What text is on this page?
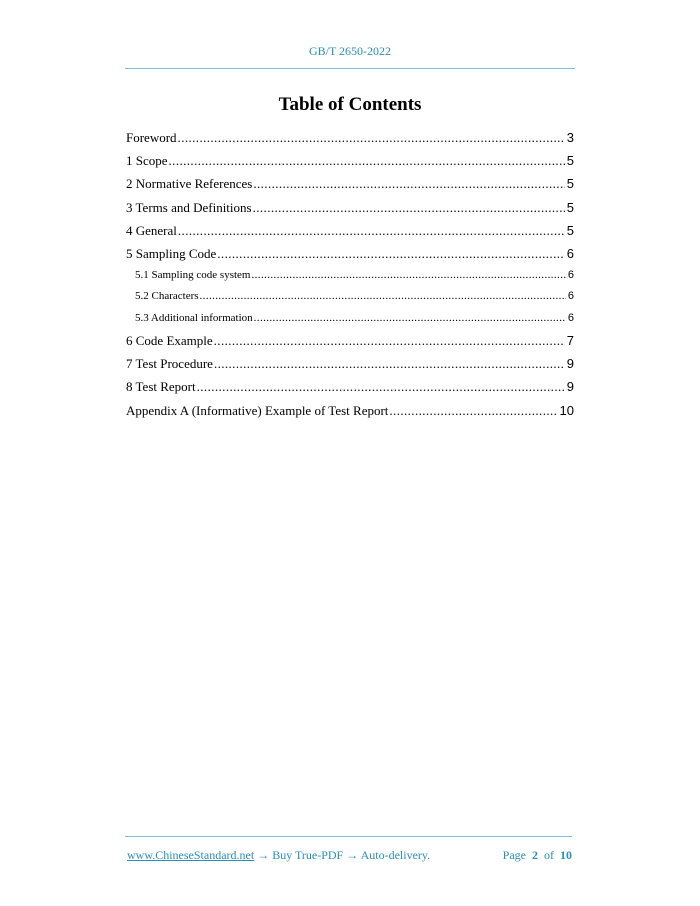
GB/T 2650-2022
Table of Contents
Foreword .....	3
1 Scope .....	5
2 Normative References .....	5
3 Terms and Definitions .....	5
4 General .....	5
5 Sampling Code .....	6
5.1 Sampling code system .....	6
5.2 Characters .....	6
5.3 Additional information .....	6
6 Code Example .....	7
7 Test Procedure .....	9
8 Test Report .....	9
Appendix A (Informative) Example of Test Report .....	10
www.ChineseStandard.net → Buy True-PDF → Auto-delivery.	Page 2 of 10
